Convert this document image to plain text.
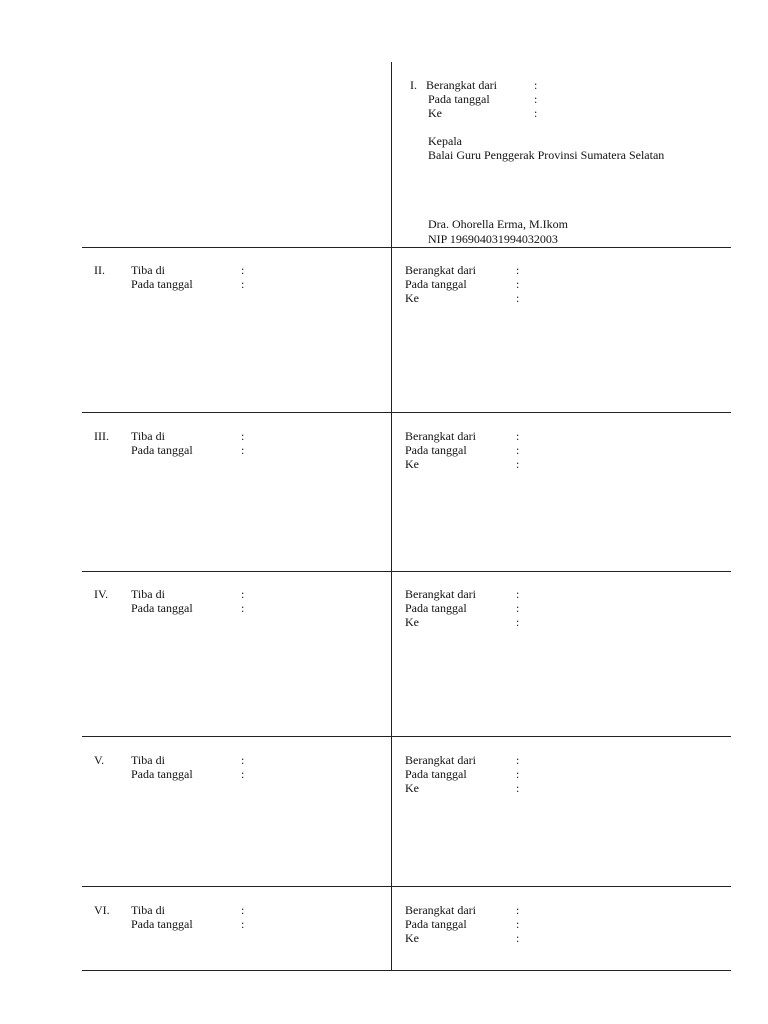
I. Berangkat dari	:
Pada tanggal	:
Ke	:
Kepala
Balai Guru Penggerak Provinsi Sumatera Selatan
Dra. Ohorella Erma, M.Ikom
NIP 196904031994032003
II. Tiba di	:
Pada tanggal	:
Berangkat dari	:
Pada tanggal	:
Ke	:
III. Tiba di	:
Pada tanggal	:
Berangkat dari	:
Pada tanggal	:
Ke	:
IV. Tiba di	:
Pada tanggal	:
Berangkat dari	:
Pada tanggal	:
Ke	:
V. Tiba di	:
Pada tanggal	:
Berangkat dari	:
Pada tanggal	:
Ke	:
VI. Tiba di	:
Pada tanggal	:
Berangkat dari	:
Pada tanggal	:
Ke	:
